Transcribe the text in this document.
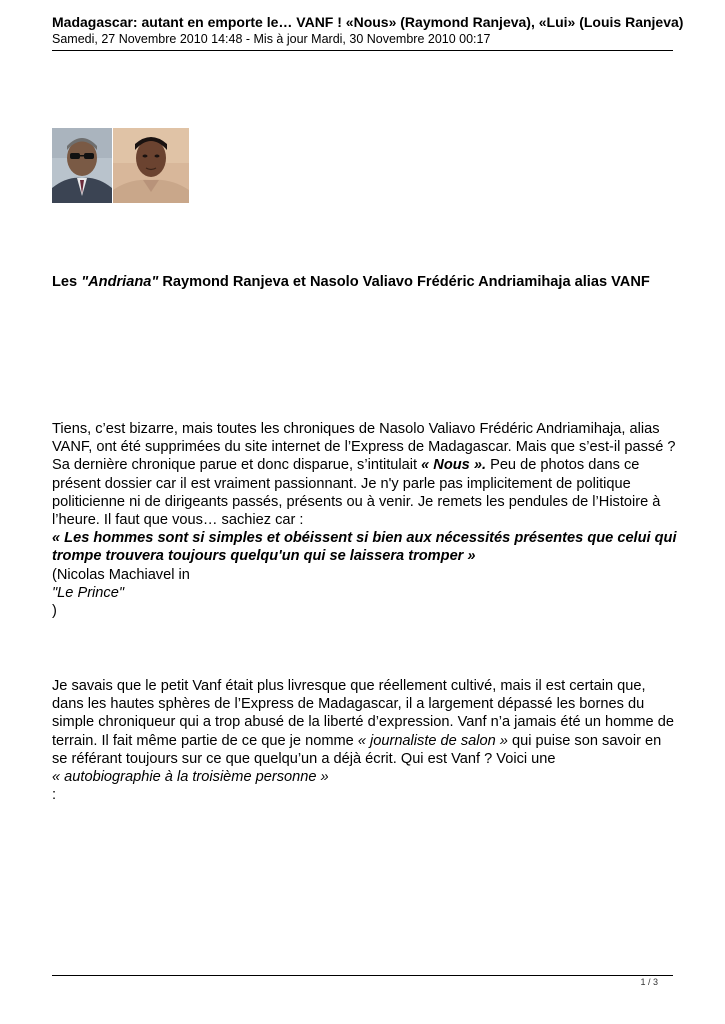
Madagascar: autant en emporte le… VANF ! «Nous» (Raymond Ranjeva), «Lui» (Louis Ranjeva)
Samedi, 27 Novembre 2010 14:48 - Mis à jour Mardi, 30 Novembre 2010 00:17
Les "Andriana" Raymond Ranjeva et Nasolo Valiavo Frédéric Andriamihaja alias VANF
Tiens, c’est bizarre, mais toutes les chroniques de Nasolo Valiavo Frédéric Andriamihaja, alias VANF, ont été supprimées du site internet de l’Express de Madagascar. Mais que s’est-il passé ? Sa dernière chronique parue et donc disparue, s’intitulait « Nous ». Peu de photos dans ce présent dossier car il est vraiment passionnant. Je n'y parle pas implicitement de politique politicienne ni de dirigeants passés, présents ou à venir. Je remets les pendules de l’Histoire à l’heure. Il faut que vous… sachiez car :
« Les hommes sont si simples et obéissent si bien aux nécessités présentes que celui qui trompe trouvera toujours quelqu'un qui se laissera tromper »
(Nicolas Machiavel in
"Le Prince"
)
Je savais que le petit Vanf était plus livresque que réellement cultivé, mais il est certain que, dans les hautes sphères de l’Express de Madagascar, il a largement dépassé les bornes du simple chroniqueur qui a trop abusé de la liberté d’expression. Vanf n’a jamais été un homme de terrain. Il fait même partie de ce que je nomme « journaliste de salon » qui puise son savoir en se référant toujours sur ce que quelqu’un a déjà écrit. Qui est Vanf ? Voici une
« autobiographie à la troisième personne »
:
1 / 3
